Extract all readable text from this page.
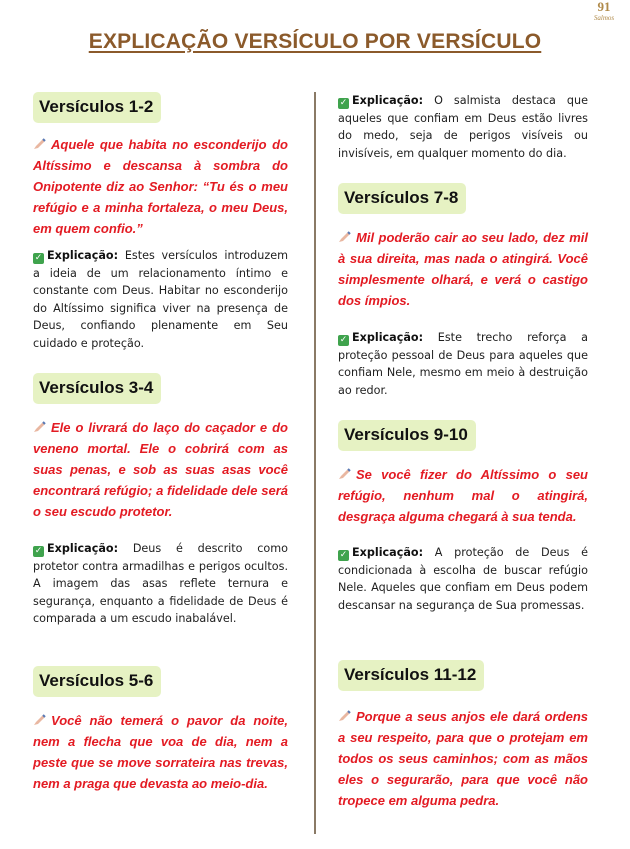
91
Salmos
EXPLICAÇÃO VERSÍCULO POR VERSÍCULO
Versículos 1-2

Aquele que habita no esconderijo do Altíssimo e descansa à sombra do Onipotente diz ao Senhor: “Tu és o meu refúgio e a minha fortaleza, o meu Deus, em quem confio.”

✓ Explicação: Estes versículos introduzem a ideia de um relacionamento íntimo e constante com Deus. Habitar no esconderijo do Altíssimo significa viver na presença de Deus, confiando plenamente em Seu cuidado e proteção.

Versículos 3-4

Ele o livrará do laço do caçador e do veneno mortal. Ele o cobrirá com as suas penas, e sob as suas asas você encontrará refúgio; a fidelidade dele será o seu escudo protetor.

✓ Explicação: Deus é descrito como protetor contra armadilhas e perigos ocultos. A imagem das asas reflete ternura e segurança, enquanto a fidelidade de Deus é comparada a um escudo inabalável.

Versículos 5-6

Você não temerá o pavor da noite, nem a flecha que voa de dia, nem a peste que se move sorrateira nas trevas, nem a praga que devasta ao meio-dia.

✓ Explicação: O salmista destaca que aqueles que confiam em Deus estão livres do medo, seja de perigos visíveis ou invisíveis, em qualquer momento do dia.

Versículos 7-8

Mil poderão cair ao seu lado, dez mil à sua direita, mas nada o atingirá. Você simplesmente olhará, e verá o castigo dos ímpios.

✓ Explicação: Este trecho reforça a proteção pessoal de Deus para aqueles que confiam Nele, mesmo em meio à destruição ao redor.

Versículos 9-10

Se você fizer do Altíssimo o seu refúgio, nenhum mal o atingirá, desgraça alguma chegará à sua tenda.

✓ Explicação: A proteção de Deus é condicionada à escolha de buscar refúgio Nele. Aqueles que confiam em Deus podem descansar na segurança de Sua promessas.

Versículos 11-12

Porque a seus anjos ele dará ordens a seu respeito, para que o protejam em todos os seus caminhos; com as mãos eles o segurarão, para que você não tropece em alguma pedra.
